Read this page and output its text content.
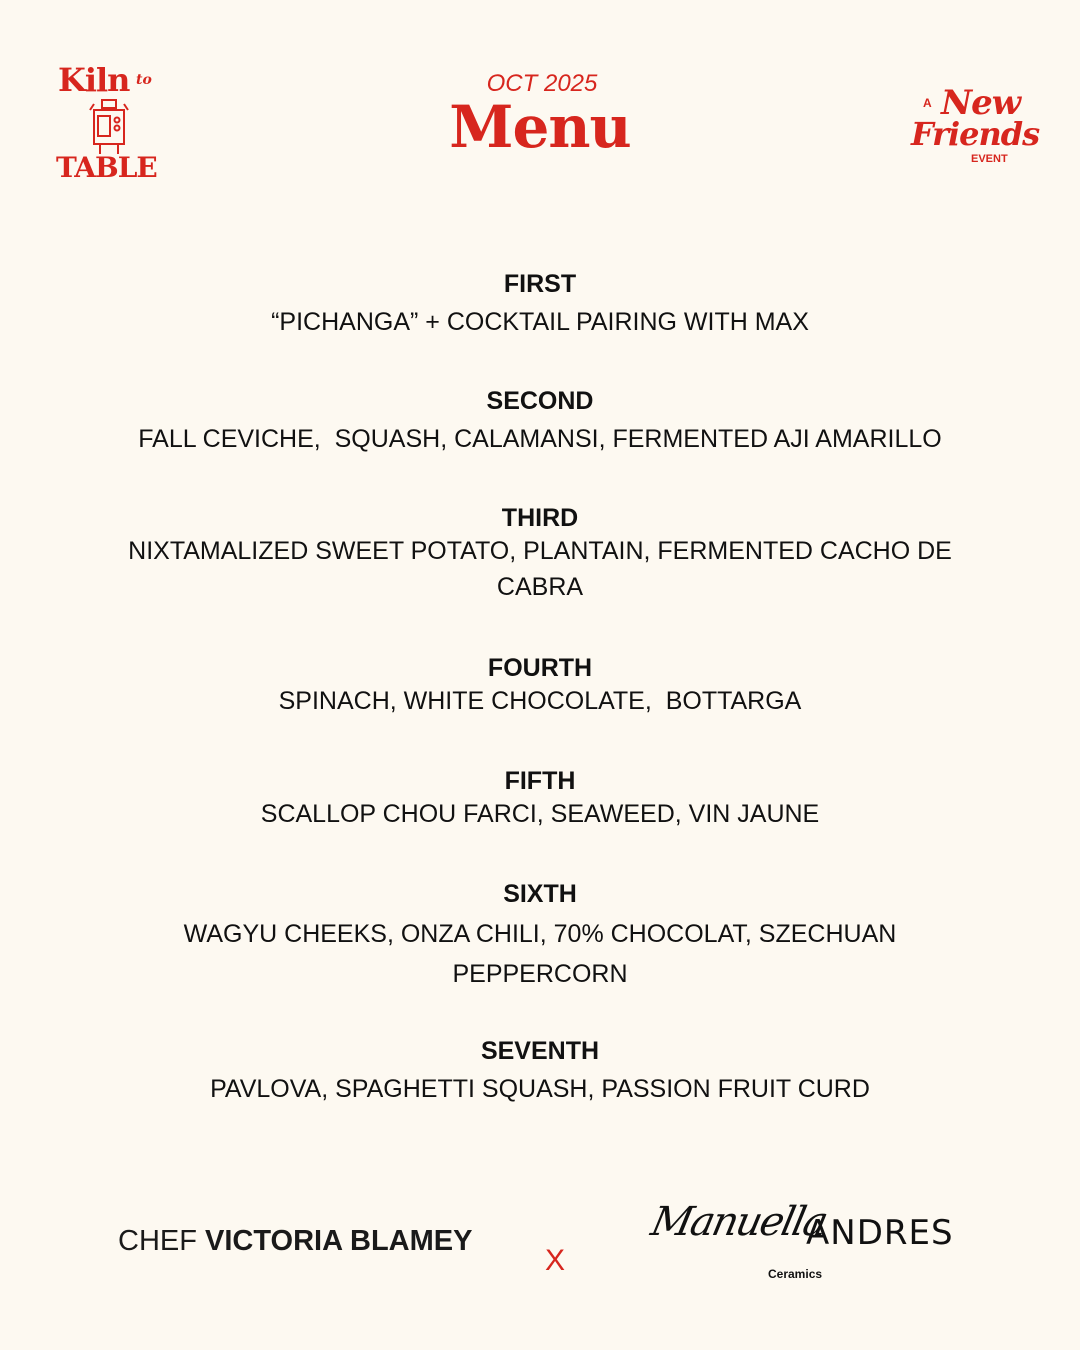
Kiln to
TABLE
OCT 2025
Menu	A New
Friends
EVENT
FIRST
“PICHANGA” + COCKTAIL PAIRING WITH MAX
SECOND
FALL CEVICHE,  SQUASH, CALAMANSI, FERMENTED AJI AMARILLO
THIRD
NIXTAMALIZED SWEET POTATO, PLANTAIN, FERMENTED CACHO DE CABRA
FOURTH
SPINACH, WHITE CHOCOLATE,  BOTTARGA
FIFTH
SCALLOP CHOU FARCI, SEAWEED, VIN JAUNE
SIXTH
WAGYU CHEEKS, ONZA CHILI, 70% CHOCOLAT, SZECHUAN PEPPERCORN
SEVENTH
PAVLOVA, SPAGHETTI SQUASH, PASSION FRUIT CURD
CHEF VICTORIA BLAMEY
X
Manuella
ANDRES
Ceramics
